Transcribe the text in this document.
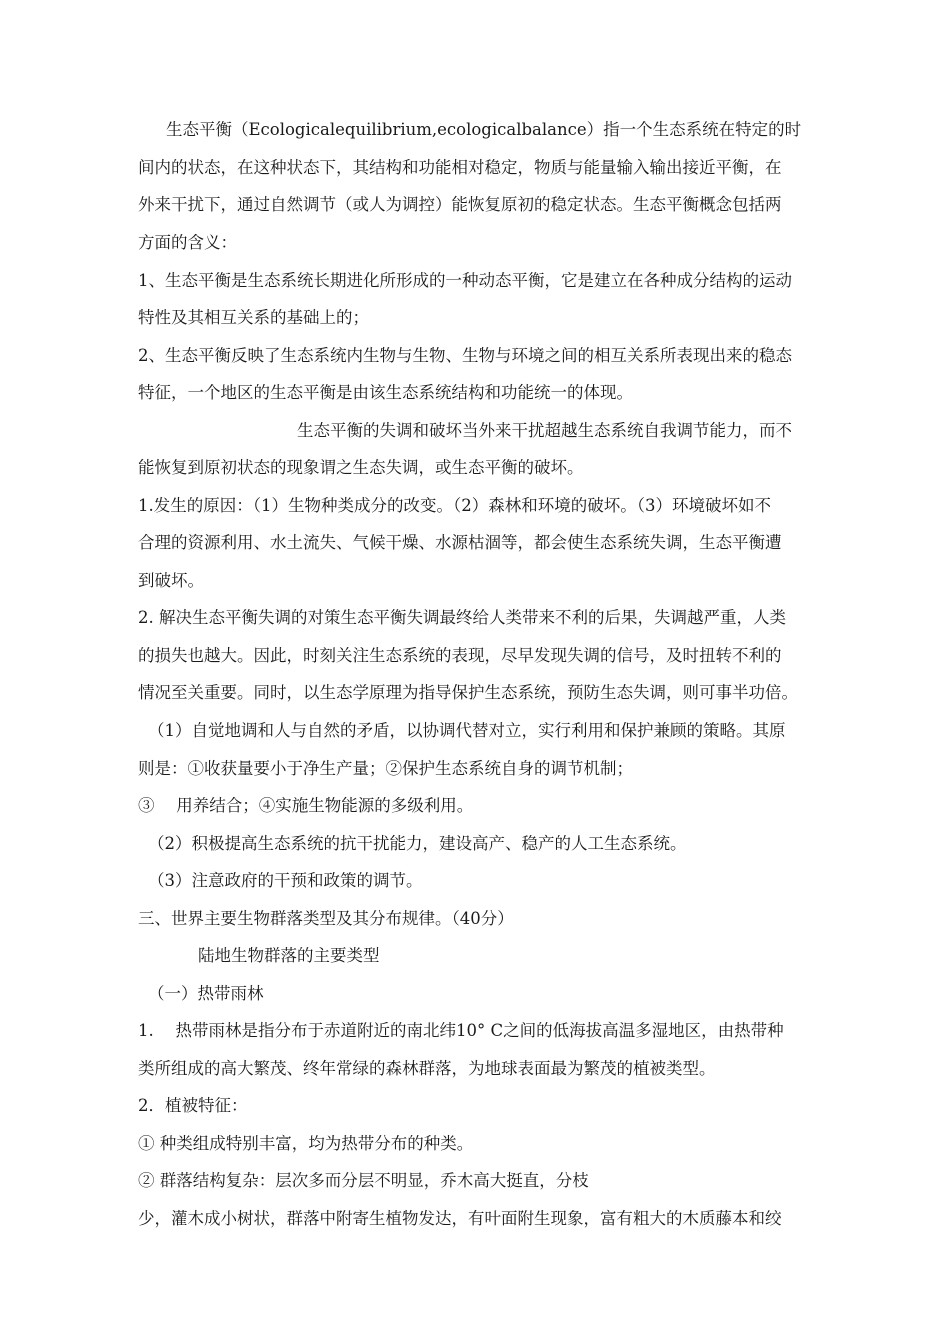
生态平衡（Ecologicalequilibrium,ecologicalbalance）指一个生态系统在特定的时
间内的状态，在这种状态下，其结构和功能相对稳定，物质与能量输入输出接近平衡，在
外来干扰下，通过自然调节（或人为调控）能恢复原初的稳定状态。生态平衡概念包括两
方面的含义：
1、生态平衡是生态系统长期进化所形成的一种动态平衡，它是建立在各种成分结构的运动
特性及其相互关系的基础上的；
2、生态平衡反映了生态系统内生物与生物、生物与环境之间的相互关系所表现出来的稳态
特征，一个地区的生态平衡是由该生态系统结构和功能统一的体现。
生态平衡的失调和破坏当外来干扰超越生态系统自我调节能力，而不
能恢复到原初状态的现象谓之生态失调，或生态平衡的破坏。
1.发生的原因：（1）生物种类成分的改变。（2）森林和环境的破坏。（3）环境破坏如不
合理的资源利用、水土流失、气候干燥、水源枯涸等，都会使生态系统失调，生态平衡遭
到破坏。
2. 解决生态平衡失调的对策生态平衡失调最终给人类带来不利的后果，失调越严重，人类
的损失也越大。因此，时刻关注生态系统的表现，尽早发现失调的信号，及时扭转不利的
情况至关重要。同时，以生态学原理为指导保护生态系统，预防生态失调，则可事半功倍。
（1）自觉地调和人与自然的矛盾，以协调代替对立，实行利用和保护兼顾的策略。其原
则是：①收获量要小于净生产量；②保护生态系统自身的调节机制；
③　 用养结合；④实施生物能源的多级利用。
（2）积极提高生态系统的抗干扰能力，建设高产、稳产的人工生态系统。
（3）注意政府的干预和政策的调节。
三、世界主要生物群落类型及其分布规律。（40分）
陆地生物群落的主要类型
（一）热带雨林
1.　 热带雨林是指分布于赤道附近的南北纬10° C之间的低海拔高温多湿地区，由热带种
类所组成的高大繁茂、终年常绿的森林群落，为地球表面最为繁茂的植被类型。
2．植被特征：
① 种类组成特别丰富，均为热带分布的种类。
② 群落结构复杂：层次多而分层不明显，乔木高大挺直，分枝
少，灌木成小树状，群落中附寄生植物发达，有叶面附生现象，富有粗大的木质藤本和绞
